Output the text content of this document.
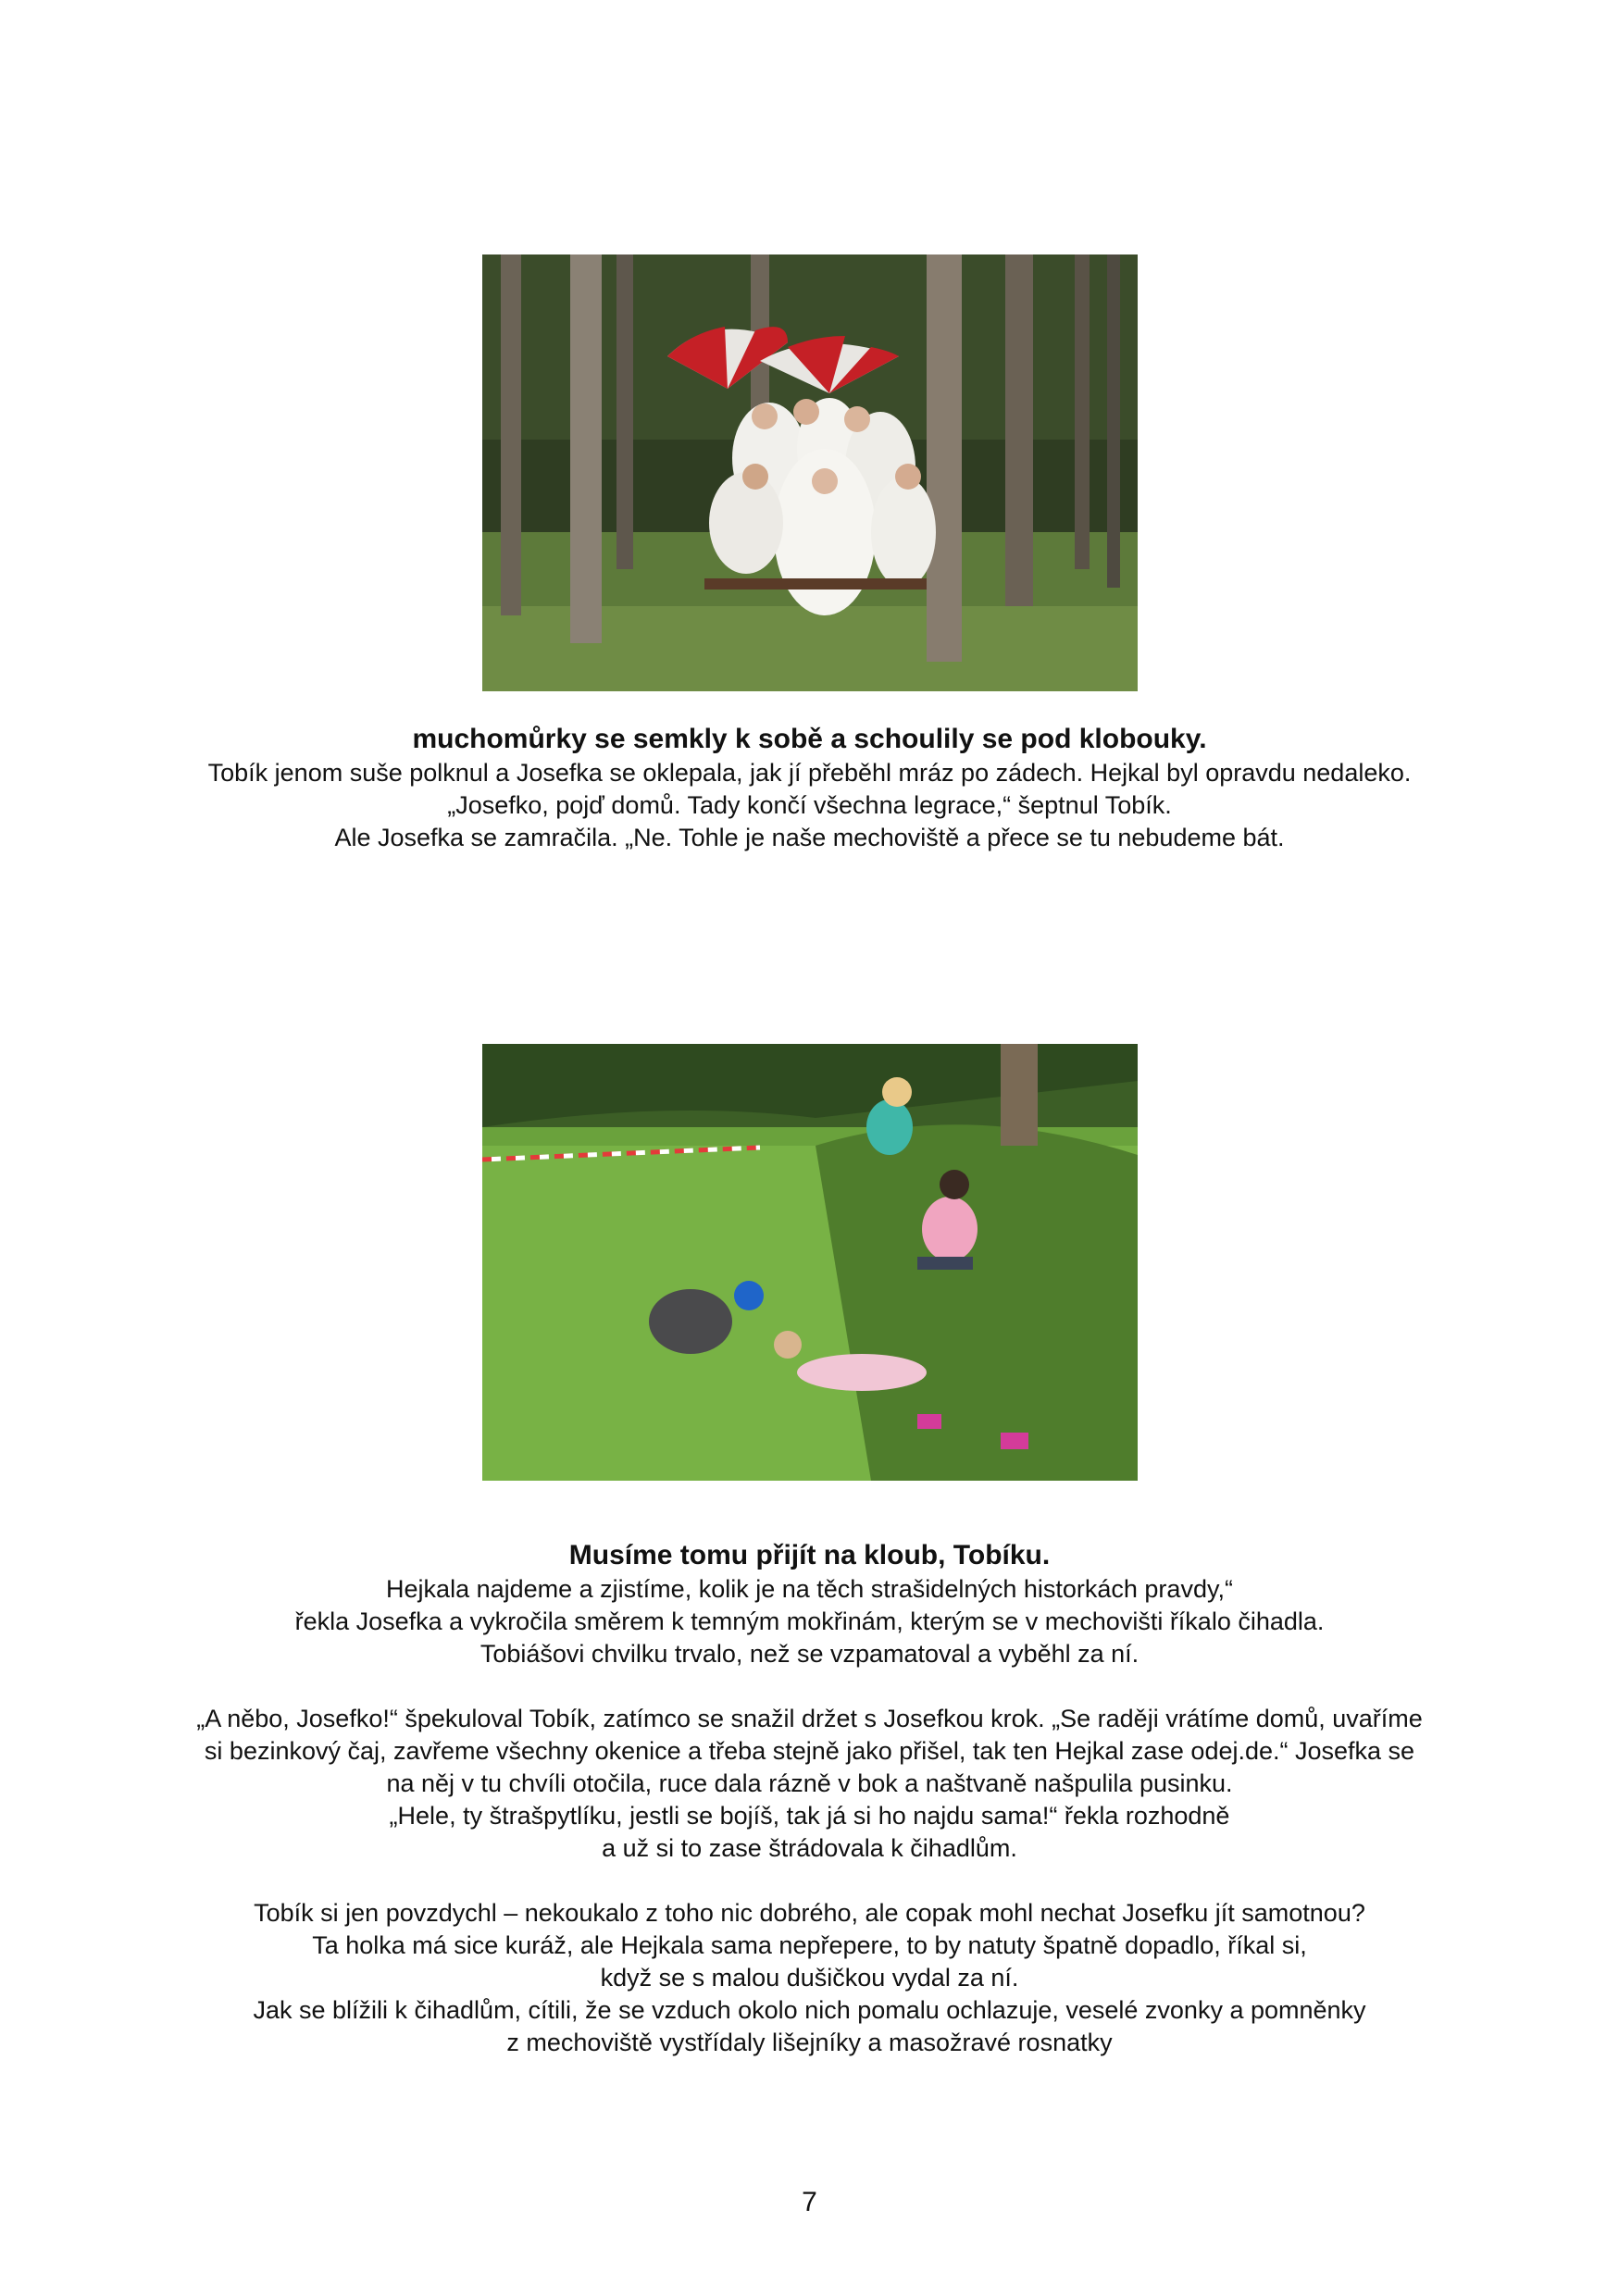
muchomůrky se semkly k sobě a schoulily se pod klobouky.
Tobík jenom suše polknul a Josefka se oklepala, jak jí přeběhl mráz po zádech. Hejkal byl opravdu nedaleko.
„Josefko, pojď domů. Tady končí všechna legrace,“ šeptnul Tobík.
Ale Josefka se zamračila. „Ne. Tohle je naše mechoviště a přece se tu nebudeme bát.
Musíme tomu přijít na kloub, Tobíku.
Hejkala najdeme a zjistíme, kolik je na těch strašidelných historkách pravdy,“
řekla Josefka a vykročila směrem k temným mokřinám, kterým se v mechovišti říkalo čihadla.
Tobiášovi chvilku trvalo, než se vzpamatoval a vyběhl za ní.
„A něbo, Josefko!“ špekuloval Tobík, zatímco se snažil držet s Josefkou krok. „Se raději vrátíme domů, uvaříme
si bezinkový čaj, zavřeme všechny okenice a třeba stejně jako přišel, tak ten Hejkal zase odej.de.“ Josefka se
na něj v tu chvíli otočila, ruce dala rázně v bok a naštvaně našpulila pusinku.
„Hele, ty štrašpytlíku, jestli se bojíš, tak já si ho najdu sama!“ řekla rozhodně
a už si to zase štrádovala k čihadlům.
Tobík si jen povzdychl – nekoukalo z toho nic dobrého, ale copak mohl nechat Josefku jít samotnou?
Ta holka má sice kuráž, ale Hejkala sama nepřepere, to by natuty špatně dopadlo, říkal si,
když se s malou dušičkou vydal za ní.
Jak se blížili k čihadlům, cítili, že se vzduch okolo nich pomalu ochlazuje, veselé zvonky a pomněnky
z mechoviště vystřídaly lišejníky a masožravé rosnatky
7
